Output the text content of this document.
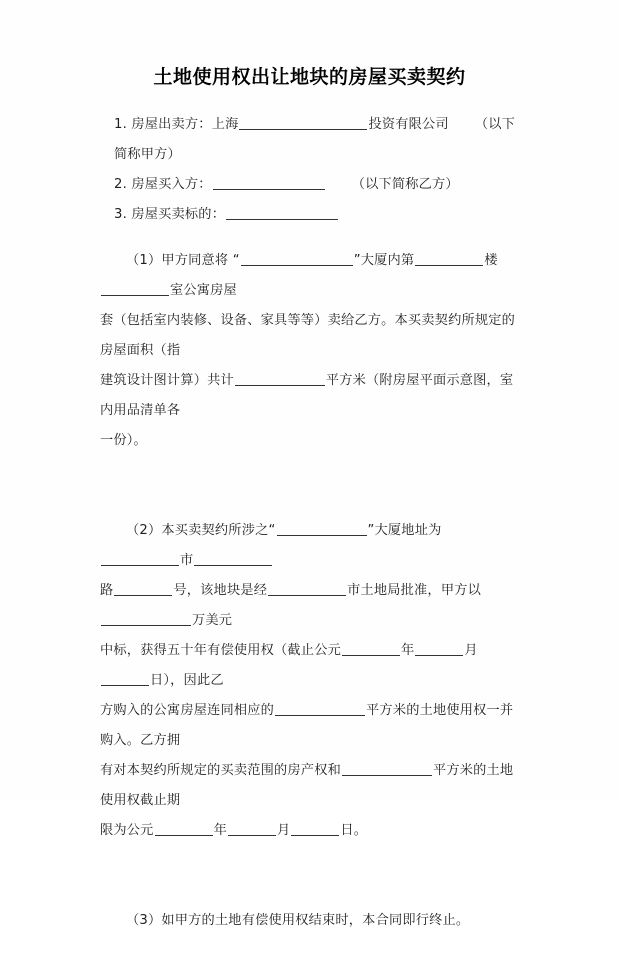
土地使用权出让地块的房屋买卖契约

1. 房屋出卖方：上海	投资有限公司 （以下简称甲方）

2. 房屋买入方：	（以下简称乙方）

3. 房屋买卖标的：

（1）甲方同意将 “	”大厦内第	楼室公寓房屋

套（包括室内装修、设备、家具等等）卖给乙方。本买卖契约所规定的房屋面积（指

建筑设计图计算）共计	平方米（附房屋平面示意图，室内用品清单各

一份）。

（2）本买卖契约所涉之“	”大厦地址为市

路	号，该地块是经	市土地局批准，甲方以万美元

中标，获得五十年有偿使用权（截止公元	年	月日），因此乙

方购入的公寓房屋连同相应的	平方米的土地使用权一并购入。乙方拥

有对本契约所规定的买卖范围的房产权和	平方米的土地使用权截止期

限为公元	年	月	日。

（3）如甲方的土地有偿使用权结束时，本合同即行终止。
